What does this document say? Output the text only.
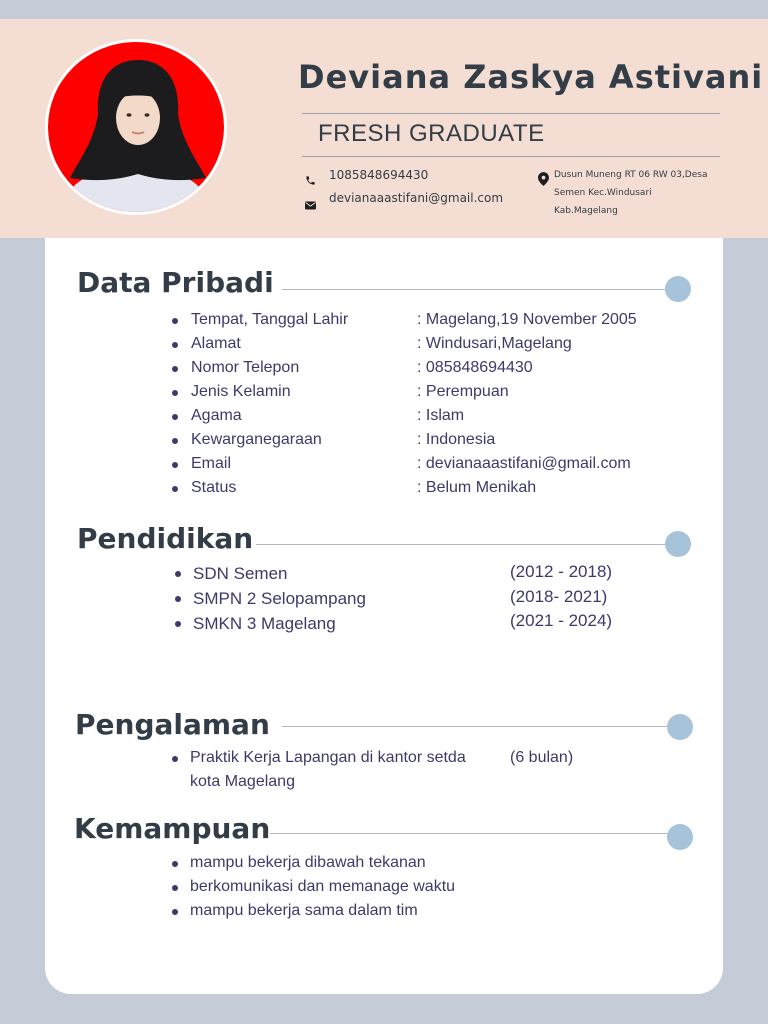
Deviana Zaskya Astivani
FRESH GRADUATE
1085848694430
devianaaastifani@gmail.com
Dusun Muneng RT 06 RW 03,Desa
Semen Kec.Windusari
Kab.Magelang
Data Pribadi
Tempat, Tanggal Lahir	: Magelang,19 November 2005
Alamat	: Windusari,Magelang
Nomor Telepon	: 085848694430
Jenis Kelamin	: Perempuan
Agama	: Islam
Kewarganegaraan	: Indonesia
Email	: devianaaastifani@gmail.com
Status	: Belum Menikah
Pendidikan
SDN Semen	(2012 - 2018)
SMPN 2 Selopampang	(2018- 2021)
SMKN 3 Magelang	(2021 - 2024)
Pengalaman
Praktik Kerja Lapangan di kantor setda
kota Magelang
(6 bulan)
Kemampuan
mampu bekerja dibawah tekanan
berkomunikasi dan memanage waktu
mampu bekerja sama dalam tim
